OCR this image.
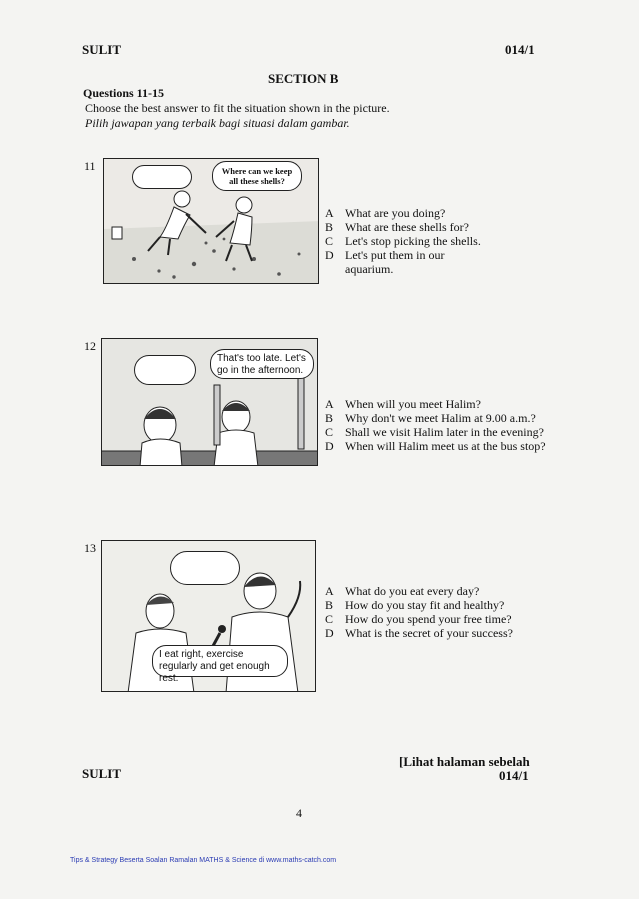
SULIT	014/1
SECTION B
Questions 11-15
Choose the best answer to fit the situation shown in the picture.
Pilih jawapan yang terbaik bagi situasi dalam gambar.
11	Where can we keep all these shells?
A What are you doing?
B What are these shells for?
C Let's stop picking the shells.
D Let's put them in our aquarium.
12
That's too late. Let's go in the afternoon.
A When will you meet Halim?
B Why don't we meet Halim at 9.00 a.m.?
C Shall we visit Halim later in the evening?
D When will Halim meet us at the bus stop?
13
I eat right, exercise regularly and get enough rest.
A What do you eat every day?
B How do you stay fit and healthy?
C How do you spend your free time?
D What is the secret of your success?
[Lihat halaman sebelah
SULIT	014/1
4
Tips & Strategy Beserta Soalan Ramalan MATHS & Science di www.maths-catch.com
